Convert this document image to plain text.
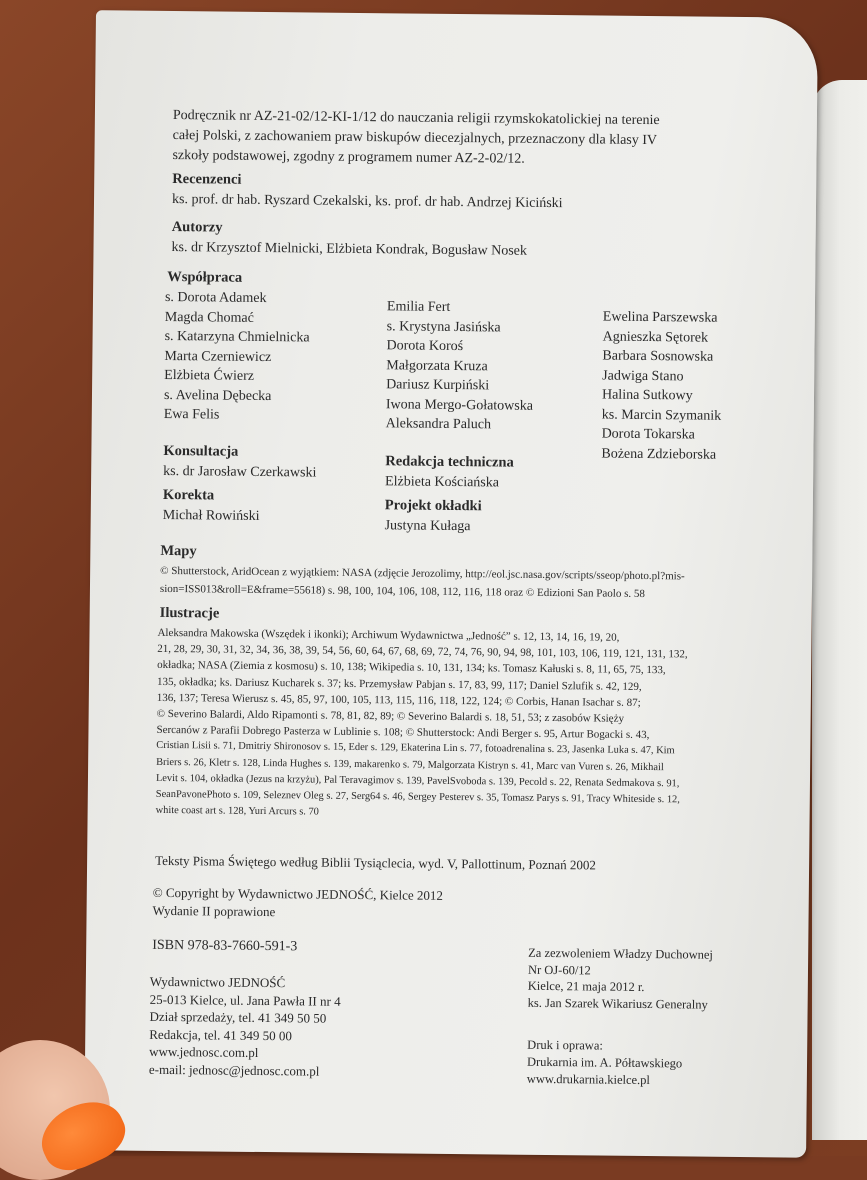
Podręcznik nr AZ-21-02/12-KI-1/12 do nauczania religii rzymskokatolickiej na terenie
całej Polski, z zachowaniem praw biskupów diecezjalnych, przeznaczony dla klasy IV
szkoły podstawowej, zgodny z programem numer AZ-2-02/12.
Recenzenci
ks. prof. dr hab. Ryszard Czekalski, ks. prof. dr hab. Andrzej Kiciński
Autorzy
ks. dr Krzysztof Mielnicki, Elżbieta Kondrak, Bogusław Nosek
Współpraca
s. Dorota Adamek
Magda Chomać
s. Katarzyna Chmielnicka
Marta Czerniewicz
Elżbieta Ćwierz
s. Avelina Dębecka
Ewa Felis
Emilia Fert
s. Krystyna Jasińska
Dorota Koroś
Małgorzata Kruza
Dariusz Kurpiński
Iwona Mergo-Gołatowska
Aleksandra Paluch
Ewelina Parszewska
Agnieszka Sętorek
Barbara Sosnowska
Jadwiga Stano
Halina Sutkowy
ks. Marcin Szymanik
Dorota Tokarska
Bożena Zdzieborska
Konsultacja
ks. dr Jarosław Czerkawski
Korekta
Michał Rowiński
Redakcja techniczna
Elżbieta Kościańska
Projekt okładki
Justyna Kułaga
Mapy
© Shutterstock, AridOcean z wyjątkiem: NASA (zdjęcie Jerozolimy, http://eol.jsc.nasa.gov/scripts/sseop/photo.pl?mis-
sion=ISS013&roll=E&frame=55618) s. 98, 100, 104, 106, 108, 112, 116, 118 oraz © Edizioni San Paolo s. 58
Ilustracje
Aleksandra Makowska (Wszędek i ikonki); Archiwum Wydawnictwa „Jedność” s. 12, 13, 14, 16, 19, 20,
21, 28, 29, 30, 31, 32, 34, 36, 38, 39, 54, 56, 60, 64, 67, 68, 69, 72, 74, 76, 90, 94, 98, 101, 103, 106, 119, 121, 131, 132,
okładka; NASA (Ziemia z kosmosu) s. 10, 138; Wikipedia s. 10, 131, 134; ks. Tomasz Kałuski s. 8, 11, 65, 75, 133,
135, okładka; ks. Dariusz Kucharek s. 37; ks. Przemysław Pabjan s. 17, 83, 99, 117; Daniel Szlufik s. 42, 129,
136, 137; Teresa Wierusz s. 45, 85, 97, 100, 105, 113, 115, 116, 118, 122, 124; © Corbis, Hanan Isachar s. 87;
© Severino Balardi, Aldo Ripamonti s. 78, 81, 82, 89; © Severino Balardi s. 18, 51, 53; z zasobów Księży
Sercanów z Parafii Dobrego Pasterza w Lublinie s. 108; © Shutterstock: Andi Berger s. 95, Artur Bogacki s. 43,
Cristian Lisii s. 71, Dmitriy Shironosov s. 15, Eder s. 129, Ekaterina Lin s. 77, fotoadrenalina s. 23, Jasenka Luka s. 47, Kim
Briers s. 26, Kletr s. 128, Linda Hughes s. 139, makarenko s. 79, Malgorzata Kistryn s. 41, Marc van Vuren s. 26, Mikhail
Levit s. 104, okładka (Jezus na krzyżu), Pal Teravagimov s. 139, PavelSvoboda s. 139, Pecold s. 22, Renata Sedmakova s. 91,
SeanPavonePhoto s. 109, Seleznev Oleg s. 27, Serg64 s. 46, Sergey Pesterev s. 35, Tomasz Parys s. 91, Tracy Whiteside s. 12,
white coast art s. 128, Yuri Arcurs s. 70
Teksty Pisma Świętego według Biblii Tysiąclecia, wyd. V, Pallottinum, Poznań 2002
© Copyright by Wydawnictwo JEDNOŚĆ, Kielce 2012
Wydanie II poprawione
ISBN 978-83-7660-591-3
Wydawnictwo JEDNOŚĆ
25-013 Kielce, ul. Jana Pawła II nr 4
Dział sprzedaży, tel. 41 349 50 50
Redakcja, tel. 41 349 50 00
www.jednosc.com.pl
e-mail: jednosc@jednosc.com.pl
Za zezwoleniem Władzy Duchownej
Nr OJ-60/12
Kielce, 21 maja 2012 r.
ks. Jan Szarek Wikariusz Generalny
Druk i oprawa:
Drukarnia im. A. Półtawskiego
www.drukarnia.kielce.pl
